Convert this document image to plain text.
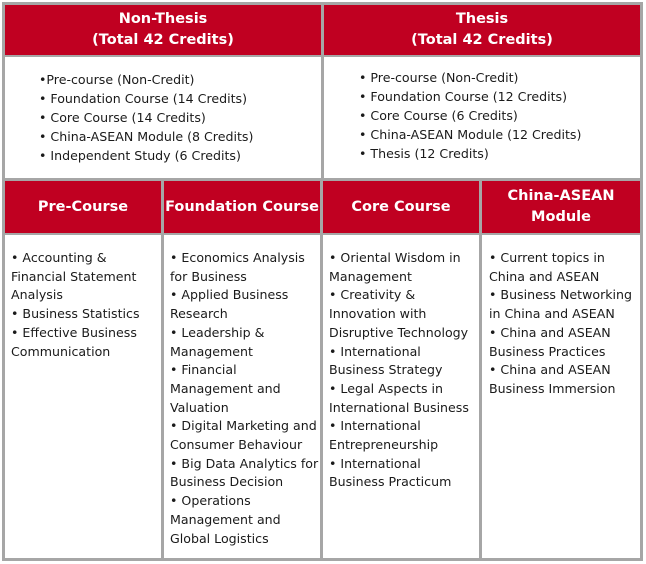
Non-Thesis
(Total 42 Credits)
Thesis
(Total 42 Credits)
•Pre-course (Non-Credit)
• Foundation Course (14 Credits)
• Core Course (14 Credits)
• China-ASEAN Module (8 Credits)
• Independent Study (6 Credits)
• Pre-course (Non-Credit)
• Foundation Course (12 Credits)
• Core Course (6 Credits)
• China-ASEAN Module (12 Credits)
• Thesis (12 Credits)
Pre-Course	Foundation Course Core Course
China-ASEAN
Module
• Accounting &
Financial Statement
Analysis
• Business Statistics
• Effective Business
Communication
• Economics Analysis
for Business
• Applied Business
Research
• Leadership &
Management
• Financial
Management and
Valuation
• Digital Marketing and
Consumer Behaviour
• Big Data Analytics for
Business Decision
• Operations
Management and
Global Logistics
• Oriental Wisdom in
Management
• Creativity &
Innovation with
Disruptive Technology
• International
Business Strategy
• Legal Aspects in
International Business
• International
Entrepreneurship
• International
Business Practicum
• Current topics in
China and ASEAN
• Business Networking
in China and ASEAN
• China and ASEAN
Business Practices
• China and ASEAN
Business Immersion
